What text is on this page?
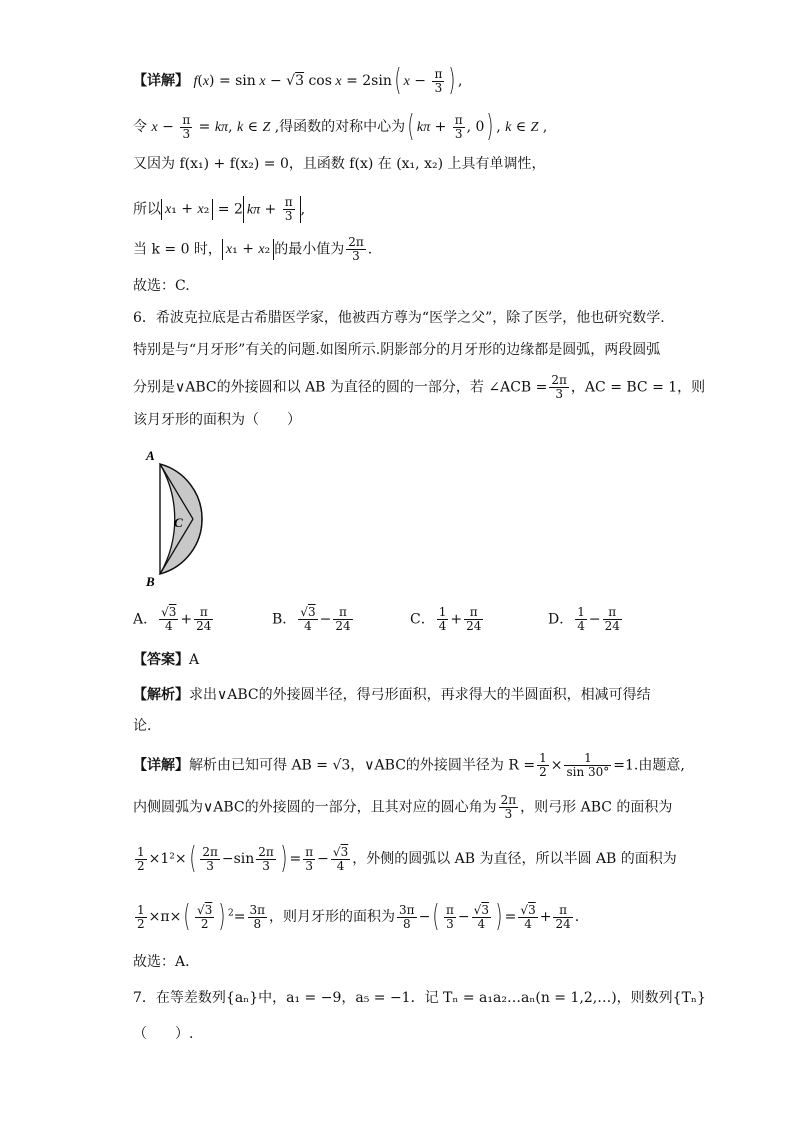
【详解】 f(x) = sin x − √3 cos x = 2sin( $x - \frac{\pi}{3}$ ) ,
令 $x - \frac{\pi}{3} = k\pi$, k ∈ Z ,得函数的对称中心为( $k\pi + \frac{\pi}{3}$ , 0) , k ∈ Z ,
又因为 f(x₁) + f(x₂) = 0，且函数 f(x) 在 (x₁, x₂) 上具有单调性，
所以 x₁ + x₂ = 2 $k\pi + \frac{\pi}{3}$ ,
当 k = 0 时， x₁ + x₂ 的最小值为 $\frac{2\pi}{3}$ .
故选：C.
6．希波克拉底是古希腊医学家，他被西方尊为“医学之父”，除了医学，他也研究数学.
特别是与“月牙形”有关的问题.如图所示.阴影部分的月牙形的边缘都是圆弧，两段圆弧
分别是∨ABC的外接圆和以 AB 为直径的圆的一部分，若 ∠ACB = $\frac{2\pi}{3}$ ，AC = BC = 1，则
该月牙形的面积为（　　）
A
B
C
A． $\frac{√3}{4} + \frac{\pi}{24}$	B． $\frac{√3}{4} - \frac{\pi}{24}$	C． $\frac{1}{4} + \frac{\pi}{24}$	D． $\frac{1}{4} - \frac{\pi}{24}$
【答案】A
【解析】求出∨ABC的外接圆半径，得弓形面积，再求得大的半圆面积，相减可得结
论.
【详解】解析由已知可得 AB = √3，∨ABC的外接圆半径为 $R = \frac{1}{2} \times \frac{1}{\sin 30^\circ} =1$.由题意,
内侧圆弧为∨ABC的外接圆的一部分，且其对应的圆心角为 $\frac{2\pi}{3}$ ，则弓形 ABC 的面积为
$\frac{1}{2} \times 1^2\times( \frac{2\pi}{3} -\sin \frac{2\pi}{3}$ ) = $\frac{\pi}{3} - \frac{√3}{4}$ ，外侧的圆弧以 AB 为直径，所以半圆 AB 的面积为
$\frac{1}{2} \times\pi\times( \frac{√3}{2}$ ) $^2= \frac{3\pi}{8}$ ，则月牙形的面积为 $\frac{3\pi}{8}$ −( $\frac{\pi}{3} - \frac{√3}{4}$ ) = $\frac{√3}{4} + \frac{\pi}{24}$ .
故选：A．
7．在等差数列{aₙ}中，a₁ = −9，a₅ = −1．记 Tₙ = a₁a₂…aₙ(n = 1,2,…)，则数列{Tₙ}
（　　）.
